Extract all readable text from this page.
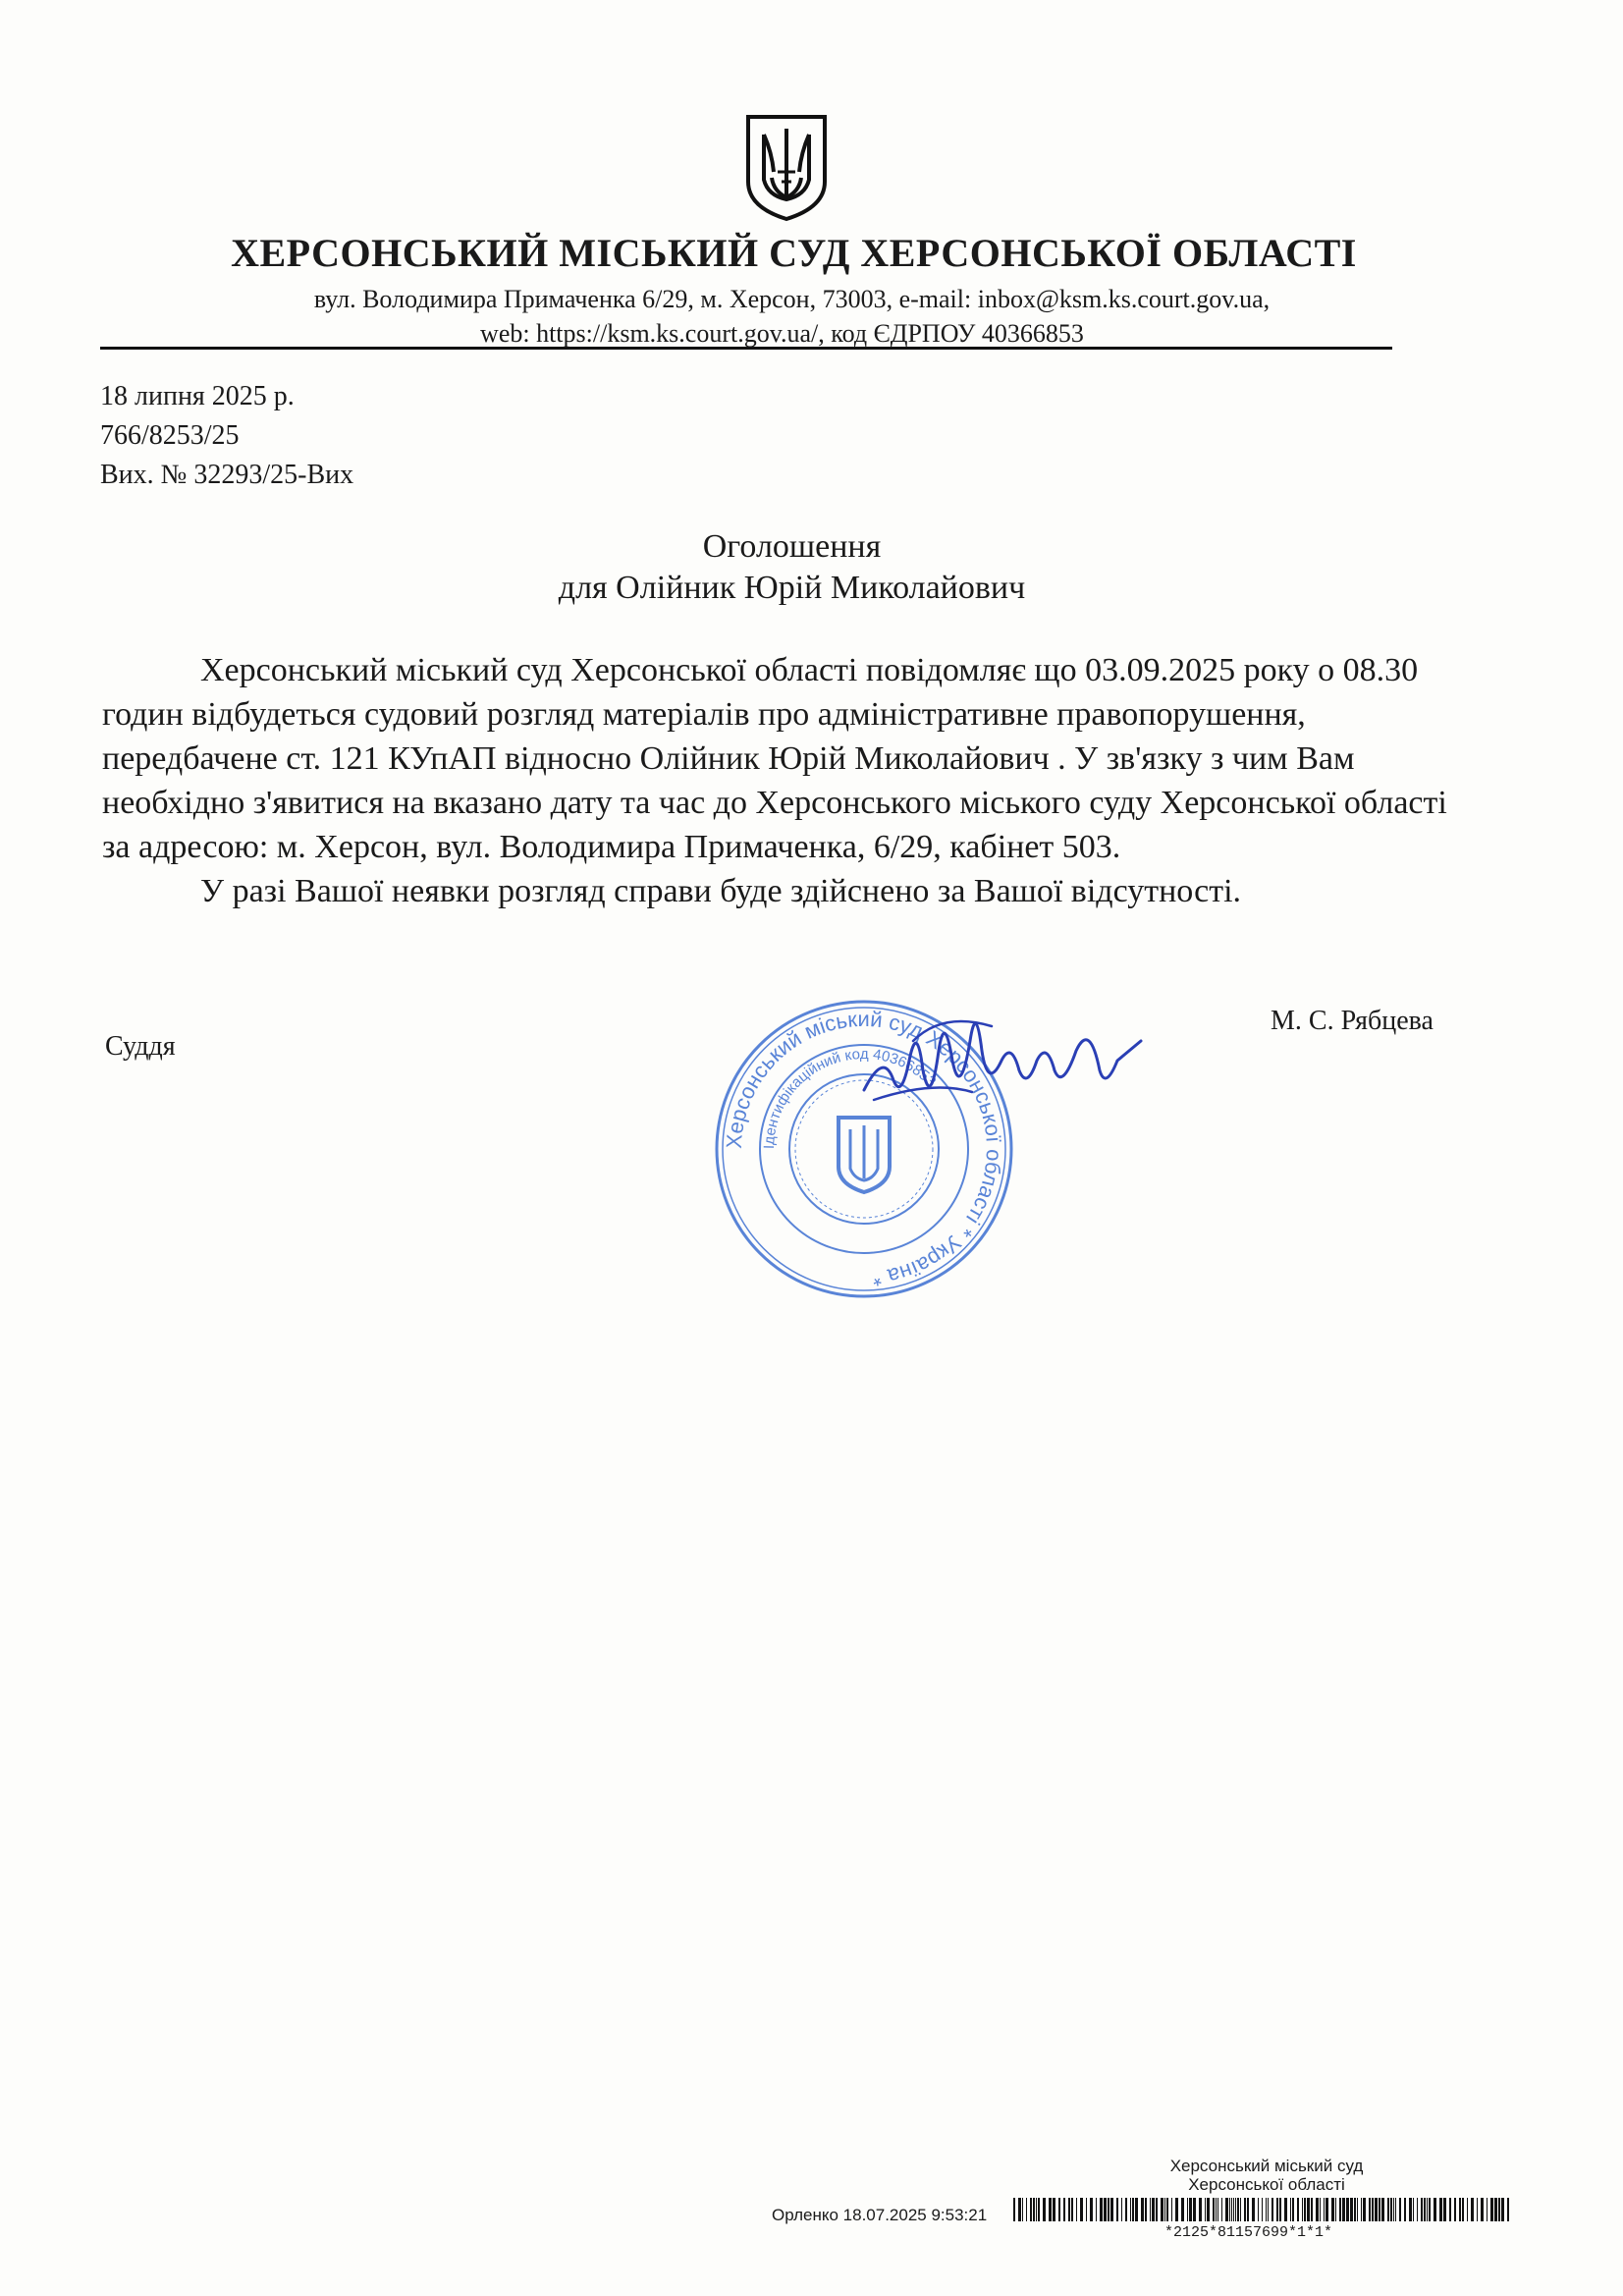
ХЕРСОНСЬКИЙ МІСЬКИЙ СУД ХЕРСОНСЬКОЇ ОБЛАСТІ
вул. Володимира Примаченка 6/29, м. Херсон, 73003, e-mail: inbox@ksm.ks.court.gov.ua,
web: https://ksm.ks.court.gov.ua/, код ЄДРПОУ 40366853
18 липня 2025 р.
766/8253/25
Вих. № 32293/25-Вих
Оголошення
для Олійник Юрій Миколайович

Херсонський міський суд Херсонської області повідомляє що 03.09.2025 року о 08.30 годин відбудеться судовий розгляд матеріалів про адміністративне правопорушення, передбачене ст. 121 КУпАП відносно Олійник Юрій Миколайович . У зв'язку з чим Вам необхідно з'явитися на вказано дату та час до Херсонського міського суду Херсонської області за адресою: м. Херсон, вул. Володимира Примаченка, 6/29, кабінет 503.

У разі Вашої неявки розгляд справи буде здійснено за Вашої відсутності.

Суддя
М. С. Рябцева
Херсонський міський суд Херсонської області * Україна *
Ідентифікаційний код 40366853
Херсонський міський суд
Херсонської області
Орленко 18.07.2025 9:53:21
*2125*81157699*1*1*
